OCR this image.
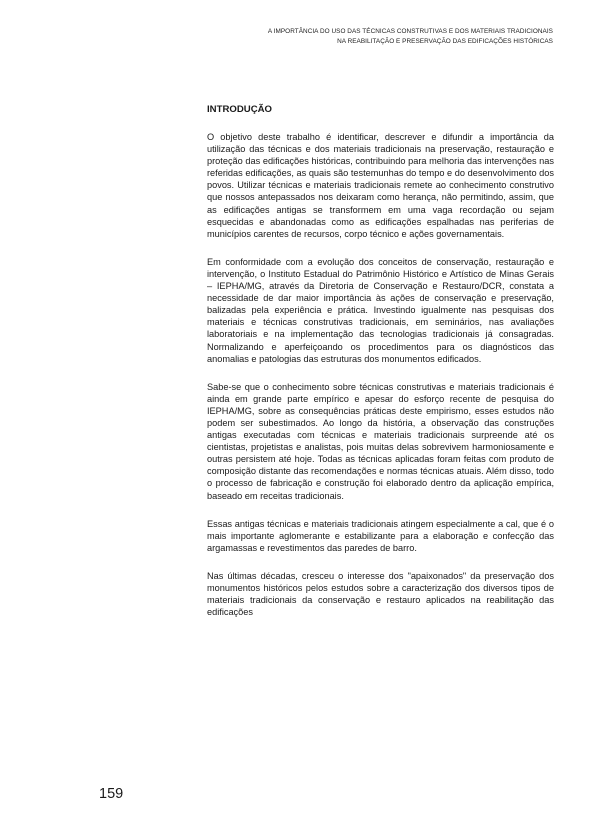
A IMPORTÂNCIA DO USO DAS TÉCNICAS CONSTRUTIVAS E DOS MATERIAIS TRADICIONAIS
NA REABILITAÇÃO E PRESERVAÇÃO DAS EDIFICAÇÕES HISTÓRICAS
INTRODUÇÃO

O objetivo deste trabalho é identificar, descrever e difundir a importância da utilização das técnicas e dos materiais tradicionais na preservação, restauração e proteção das edificações históricas, contribuindo para melhoria das intervenções nas referidas edificações, as quais são testemunhas do tempo e do desenvolvimento dos povos. Utilizar técnicas e materiais tradicionais remete ao conhecimento construtivo que nossos antepassados nos deixaram como herança, não permitindo, assim, que as edificações antigas se transformem em uma vaga recordação ou sejam esquecidas e abandonadas como as edificações espalhadas nas periferias de municípios carentes de recursos, corpo técnico e ações governamentais.

Em conformidade com a evolução dos conceitos de conservação, restauração e intervenção, o Instituto Estadual do Patrimônio Histórico e Artístico de Minas Gerais – IEPHA/MG, através da Diretoria de Conservação e Restauro/DCR, constata a necessidade de dar maior importância às ações de conservação e preservação, balizadas pela experiência e prática. Investindo igualmente nas pesquisas dos materiais e técnicas construtivas tradicionais, em seminários, nas avaliações laboratoriais e na implementação das tecnologias tradicionais já consagradas. Normalizando e aperfeiçoando os procedimentos para os diagnósticos das anomalias e patologias das estruturas dos monumentos edificados.

Sabe-se que o conhecimento sobre técnicas construtivas e materiais tradicionais é ainda em grande parte empírico e apesar do esforço recente de pesquisa do IEPHA/MG, sobre as consequências práticas deste empirismo, esses estudos não podem ser subestimados. Ao longo da história, a observação das construções antigas executadas com técnicas e materiais tradicionais surpreende até os cientistas, projetistas e analistas, pois muitas delas sobrevivem harmoniosamente e outras persistem até hoje. Todas as técnicas aplicadas foram feitas com produto de composição distante das recomendações e normas técnicas atuais. Além disso, todo o processo de fabricação e construção foi elaborado dentro da aplicação empírica, baseado em receitas tradicionais.

Essas antigas técnicas e materiais tradicionais atingem especialmente a cal, que é o mais importante aglomerante e estabilizante para a elaboração e confecção das argamassas e revestimentos das paredes de barro.

Nas últimas décadas, cresceu o interesse dos "apaixonados" da preservação dos monumentos históricos pelos estudos sobre a caracterização dos diversos tipos de materiais tradicionais da conservação e restauro aplicados na reabilitação das edificações

159
